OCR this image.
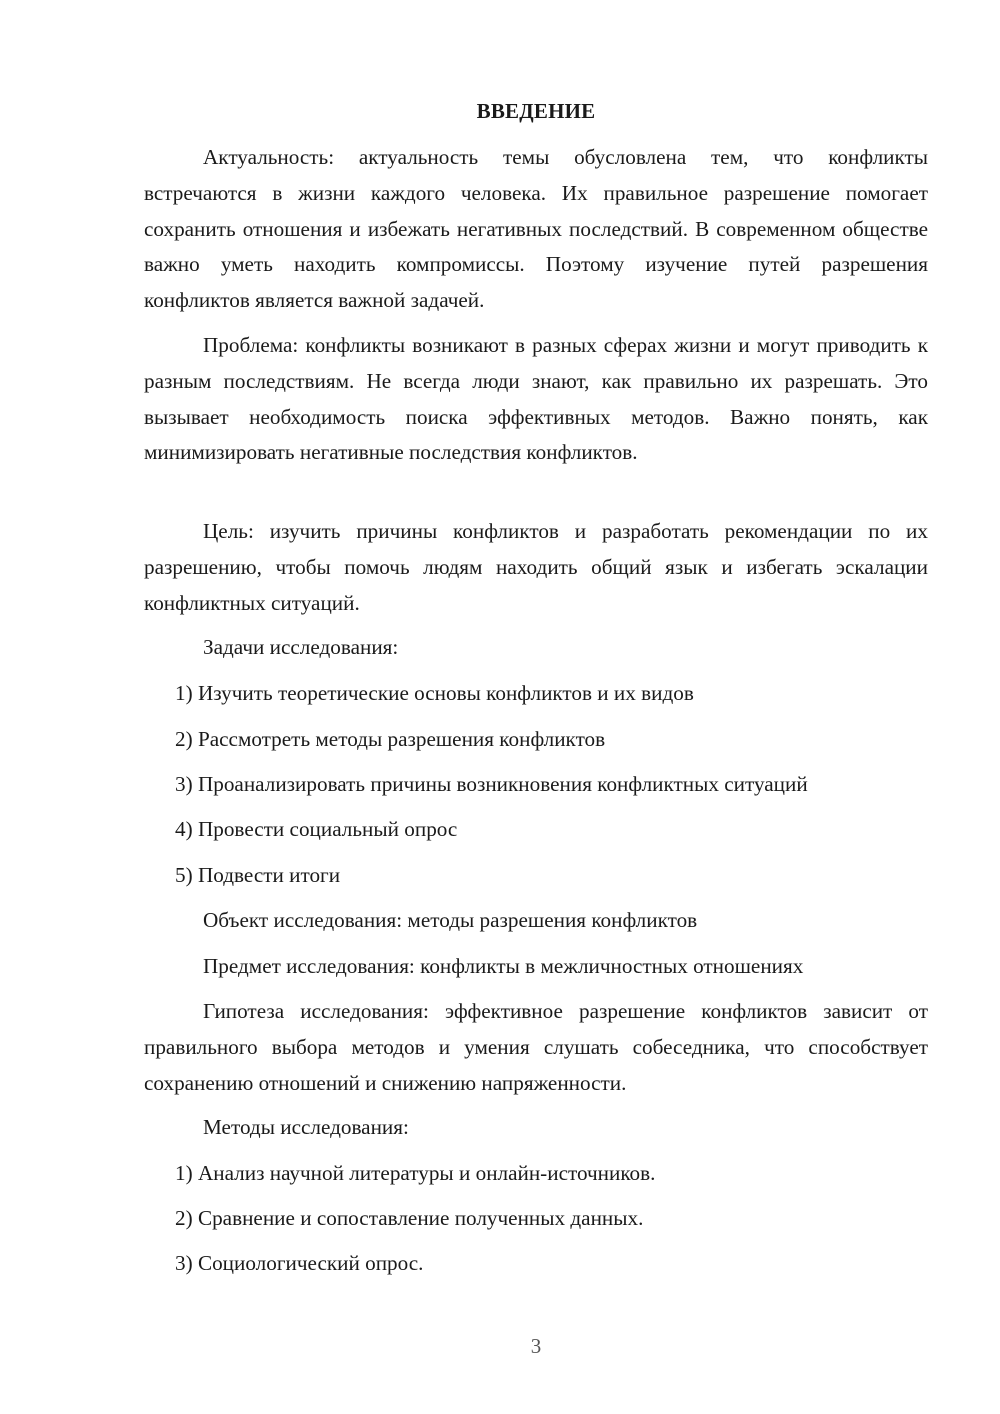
ВВЕДЕНИЕ

Актуальность: актуальность темы обусловлена тем, что конфликты встречаются в жизни каждого человека. Их правильное разрешение помогает сохранить отношения и избежать негативных последствий. В современном обществе важно уметь находить компромиссы. Поэтому изучение путей разрешения конфликтов является важной задачей.

Проблема: конфликты возникают в разных сферах жизни и могут приводить к разным последствиям. Не всегда люди знают, как правильно их разрешать. Это вызывает необходимость поиска эффективных методов. Важно понять, как минимизировать негативные последствия конфликтов.

Цель: изучить причины конфликтов и разработать рекомендации по их разрешению, чтобы помочь людям находить общий язык и избегать эскалации конфликтных ситуаций.

Задачи исследования:

1) Изучить теоретические основы конфликтов и их видов

2) Рассмотреть методы разрешения конфликтов

3) Проанализировать причины возникновения конфликтных ситуаций

4) Провести социальный опрос

5) Подвести итоги

Объект исследования: методы разрешения конфликтов

Предмет исследования: конфликты в межличностных отношениях

Гипотеза исследования: эффективное разрешение конфликтов зависит от правильного выбора методов и умения слушать собеседника, что способствует сохранению отношений и снижению напряженности.

Методы исследования:

1) Анализ научной литературы и онлайн-источников.

2) Сравнение и сопоставление полученных данных.

3) Социологический опрос.

3
